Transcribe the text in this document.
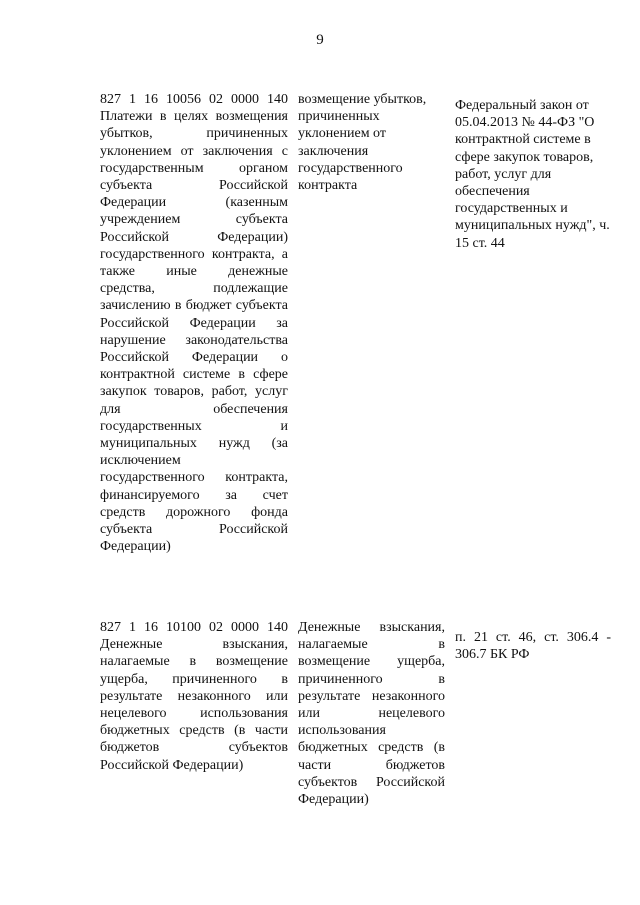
9
827 1 16 10056 02 0000 140
Платежи в целях возмещения убытков, причиненных уклонением от заключения с государственным органом субъекта Российской Федерации (казенным учреждением субъекта Российской Федерации) государственного контракта, а также иные денежные средства, подлежащие зачислению в бюджет субъекта Российской Федерации за нарушение законодательства Российской Федерации о контрактной системе в сфере закупок товаров, работ, услуг для обеспечения государственных и муниципальных нужд (за исключением государственного контракта, финансируемого за счет средств дорожного фонда субъекта Российской Федерации)
возмещение убытков, причиненных уклонением от заключения государственного контракта
Федеральный закон от 05.04.2013 № 44-ФЗ "О контрактной системе в сфере закупок товаров, работ, услуг для обеспечения государственных и муниципальных нужд", ч. 15 ст. 44
827 1 16 10100 02 0000 140
Денежные взыскания, налагаемые в возмещение ущерба, причиненного в результате незаконного или нецелевого использования бюджетных средств (в части бюджетов субъектов Российской Федерации)
Денежные взыскания, налагаемые в возмещение ущерба, причиненного в результате незаконного или нецелевого использования бюджетных средств (в части бюджетов субъектов Российской Федерации)
п. 21 ст. 46, ст. 306.4 - 306.7 БК РФ
